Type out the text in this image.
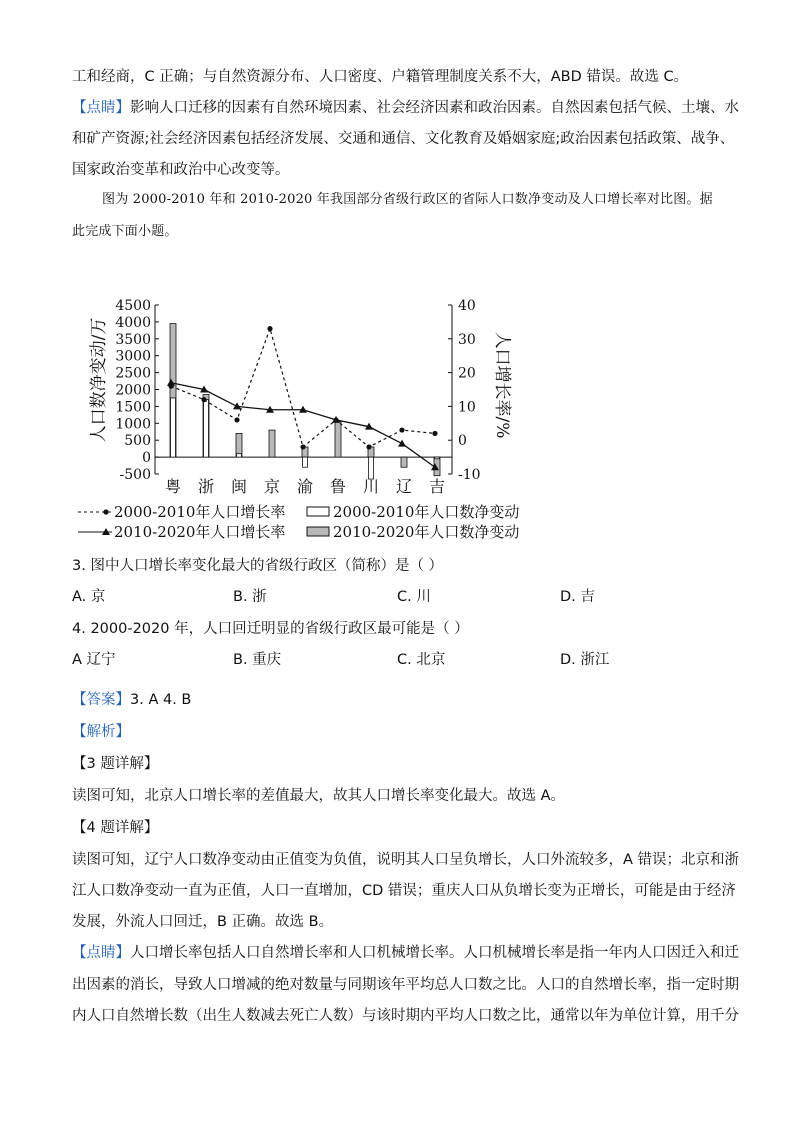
工和经商，C 正确；与自然资源分布、人口密度、户籍管理制度关系不大，ABD 错误。故选 C。
【点睛】影响人口迁移的因素有自然环境因素、社会经济因素和政治因素。自然因素包括气候、土壤、水
和矿产资源;社会经济因素包括经济发展、交通和通信、文化教育及婚姻家庭;政治因素包括政策、战争、
国家政治变革和政治中心改变等。
图为 2000-2010 年和 2010-2020 年我国部分省级行政区的省际人口数净变动及人口增长率对比图。据
此完成下面小题。
4500
4000
3500
3000
2500
2000
1500
1000
500
0
-500
40
30
20
10
0
-10
人口数净变动/万	人口增长率/%
粤 浙 闽 京 渝 鲁 川 辽 吉
2000-2010年人口增长率	2000-2010年人口数净变动
2010-2020年人口增长率	2010-2020年人口数净变动
3. 图中人口增长率变化最大的省级行政区（简称）是（ ）
A. 京	B. 浙	C. 川	D. 吉
4. 2000-2020 年，人口回迁明显的省级行政区最可能是（ ）
A 辽宁	B. 重庆	C. 北京	D. 浙江
【答案】3. A 4. B
【解析】
【3 题详解】
读图可知，北京人口增长率的差值最大，故其人口增长率变化最大。故选 A。
【4 题详解】
读图可知，辽宁人口数净变动由正值变为负值，说明其人口呈负增长，人口外流较多，A 错误；北京和浙
江人口数净变动一直为正值，人口一直增加，CD 错误；重庆人口从负增长变为正增长，可能是由于经济
发展，外流人口回迁，B 正确。故选 B。
【点睛】人口增长率包括人口自然增长率和人口机械增长率。人口机械增长率是指一年内人口因迁入和迁
出因素的消长，导致人口增减的绝对数量与同期该年平均总人口数之比。人口的自然增长率，指一定时期
内人口自然增长数（出生人数减去死亡人数）与该时期内平均人口数之比，通常以年为单位计算，用千分
